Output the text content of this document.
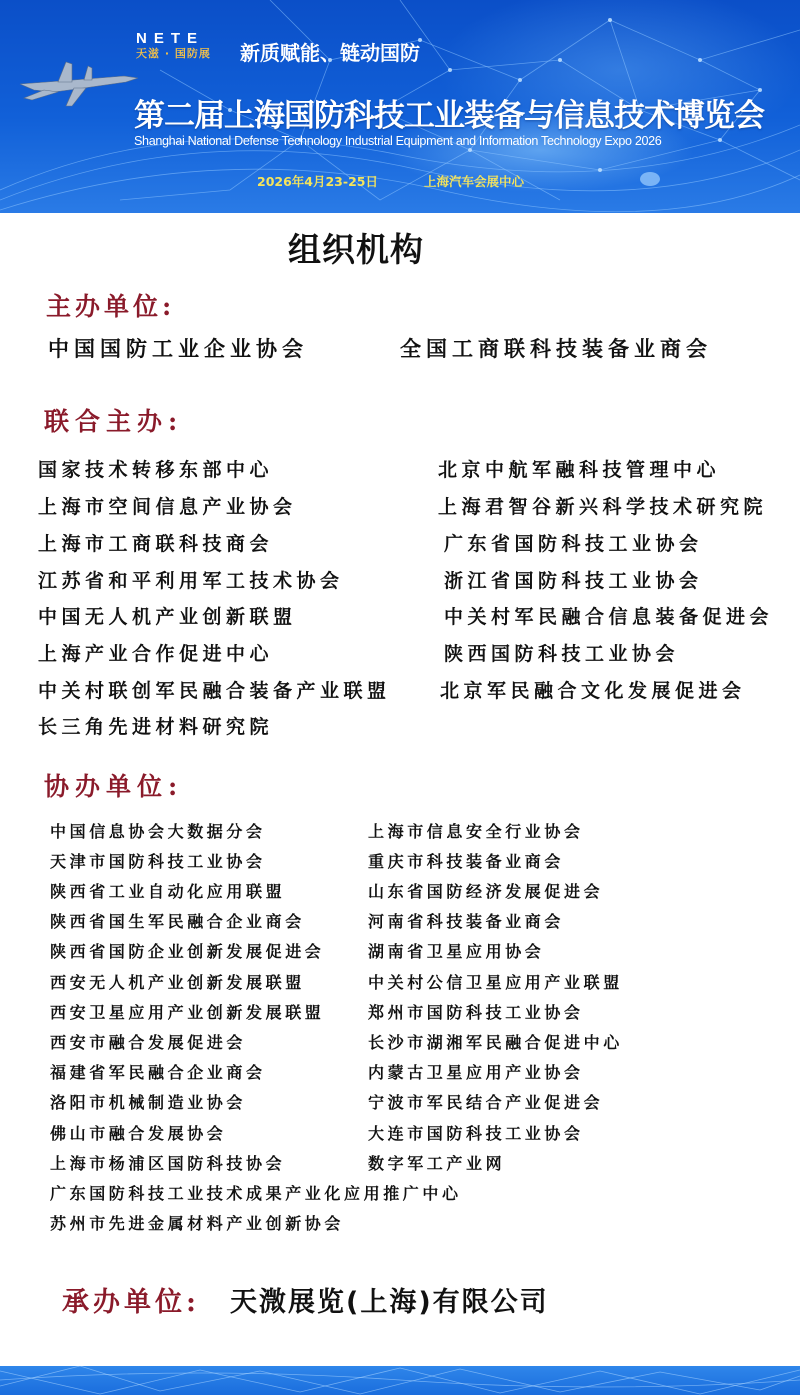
NETE
天滋 · 国防展 新质赋能、链动国防
第二届上海国防科技工业装备与信息技术博览会
Shanghai National Defense Technology Industrial Equipment and Information Technology Expo 2026
2026年4月23-25日	上海汽车会展中心
组织机构
主办单位:
中国国防工业企业协会	全国工商联科技装备业商会
联合主办:
国家技术转移东部中心
上海市空间信息产业协会
上海市工商联科技商会
江苏省和平利用军工技术协会
中国无人机产业创新联盟
上海产业合作促进中心
中关村联创军民融合装备产业联盟
长三角先进材料研究院
北京中航军融科技管理中心
上海君智谷新兴科学技术研究院
广东省国防科技工业协会
浙江省国防科技工业协会
中关村军民融合信息装备促进会
陕西国防科技工业协会
北京军民融合文化发展促进会
协办单位:
中国信息协会大数据分会
天津市国防科技工业协会
陕西省工业自动化应用联盟
陕西省国生军民融合企业商会
陕西省国防企业创新发展促进会
西安无人机产业创新发展联盟
西安卫星应用产业创新发展联盟
西安市融合发展促进会
福建省军民融合企业商会
洛阳市机械制造业协会
佛山市融合发展协会
上海市杨浦区国防科技协会
广东国防科技工业技术成果产业化应用推广中心
苏州市先进金属材料产业创新协会
上海市信息安全行业协会
重庆市科技装备业商会
山东省国防经济发展促进会
河南省科技装备业商会
湖南省卫星应用协会
中关村公信卫星应用产业联盟
郑州市国防科技工业协会
长沙市湖湘军民融合促进中心
内蒙古卫星应用产业协会
宁波市军民结合产业促进会
大连市国防科技工业协会
数字军工产业网
承办单位: 天溦展览(上海)有限公司
